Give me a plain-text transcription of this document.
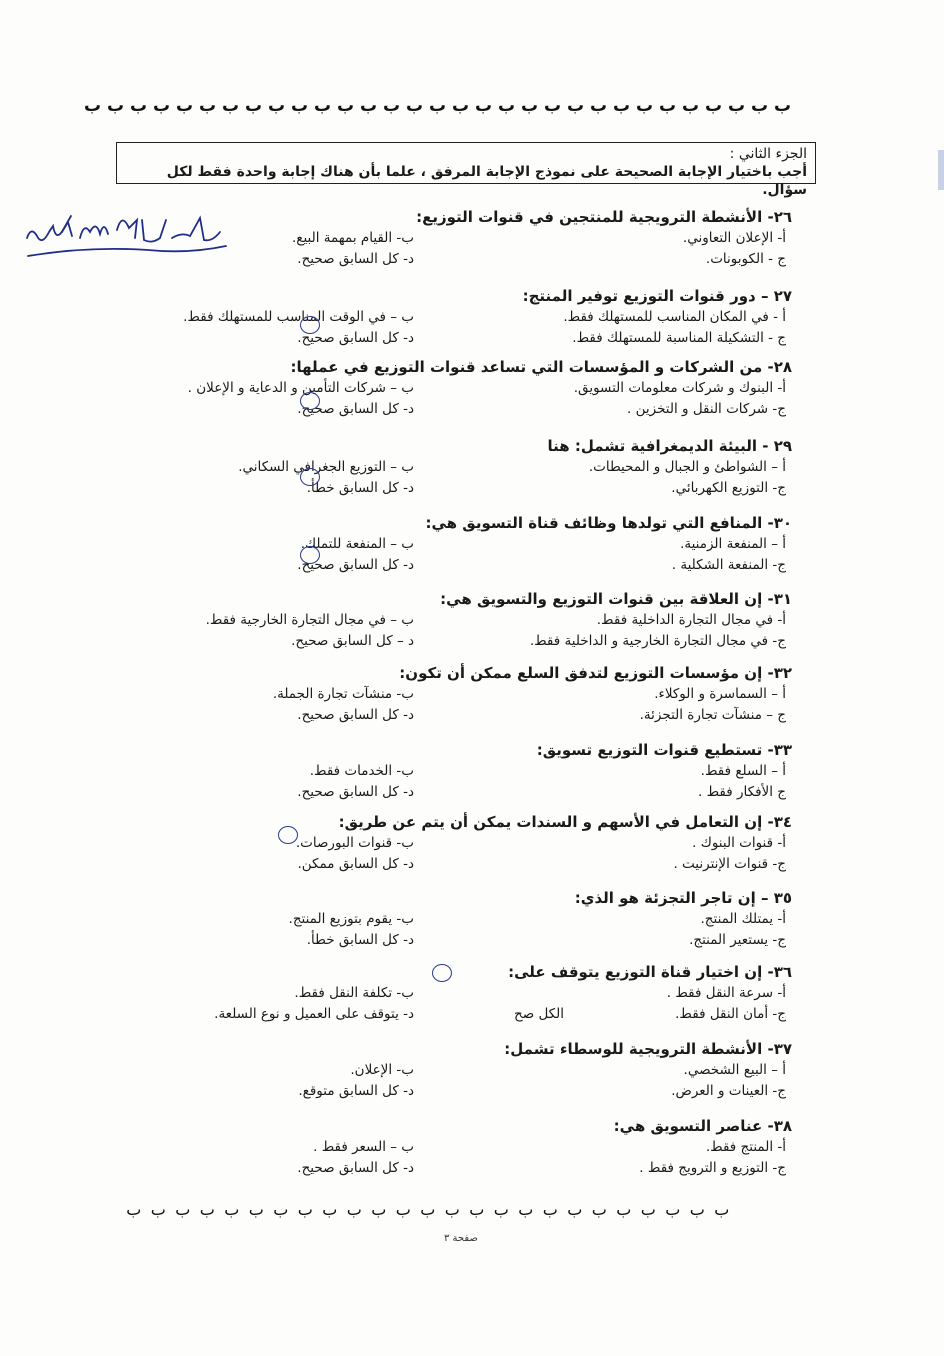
ب
ب
ب
ب
ب
ب
ب
ب
ب
ب
ب
ب
ب
ب
ب
ب
ب
ب
ب
ب
ب
ب
ب
ب
ب
ب
ب
ب
ب
ب
ب
الجزء الثاني :
أجب باختيار الإجابة الصحيحة على نموذج الإجابة المرفق ، علما بأن هناك إجابة واحدة فقط لكل سؤال.
٢٦- الأنشطة الترويجية للمنتجين في قنوات التوزيع:
أ- الإعلان التعاوني.
ب- القيام بمهمة البيع.
ج - الكوبونات.
د- كل السابق صحيح.
٢٧ – دور قنوات التوزيع توفير المنتج:
أ - في المكان المناسب للمستهلك فقط.
ب – في الوقت المناسب للمستهلك فقط.
ج - التشكيلة المناسبة للمستهلك فقط.
د- كل السابق صحيح.
٢٨- من الشركات و المؤسسات التي تساعد قنوات التوزيع في عملها:
أ- البنوك و شركات معلومات التسويق.
ب – شركات التأمين و الدعاية و الإعلان .
ج- شركات النقل و التخزين .
د- كل السابق صحيح.
٢٩ - البيئة الديمغرافية تشمل: هنا
أ – الشواطئ و الجبال و المحيطات.
ب – التوزيع الجغرافي السكاني.
ج- التوزيع الكهربائي.
د- كل السابق خطأ.
٣٠- المنافع التي تولدها وظائف قناة التسويق هي:
أ – المنفعة الزمنية.
ب – المنفعة للتملك.
ج- المنفعة الشكلية .
د- كل السابق صحيح.
٣١- إن العلاقة بين قنوات التوزيع والتسويق هي:
أ- في مجال التجارة الداخلية فقط.
ب – في مجال التجارة الخارجية فقط.
ج- في مجال التجارة الخارجية و الداخلية فقط.
د – كل السابق صحيح.
٣٢- إن مؤسسات التوزيع لتدفق السلع ممكن أن تكون:
أ – السماسرة و الوكلاء.
ب- منشآت تجارة الجملة.
ج – منشآت تجارة التجزئة.
د- كل السابق صحيح.
٣٣- تستطيع قنوات التوزيع تسويق:
أ – السلع فقط.
ب- الخدمات فقط.
ج الأفكار فقط .
د- كل السابق صحيح.
٣٤- إن التعامل في الأسهم و السندات يمكن أن يتم عن طريق:
أ- قنوات البنوك .
ب- قنوات البورصات.
ج- قنوات الإنترنيت .
د- كل السابق ممكن.
٣٥ – إن تاجر التجزئة هو الذي:
أ- يمتلك المنتج.
ب- يقوم بتوزيع المنتج.
ج- يستعير المنتج.
د- كل السابق خطأ.
٣٦- إن اختيار قناة التوزيع يتوقف على:
أ- سرعة النقل فقط .
ب- تكلفة النقل فقط.
ج- أمان النقل فقط.
د- يتوقف على العميل و نوع السلعة.	الكل صح
٣٧- الأنشطة الترويجية للوسطاء تشمل:
أ – البيع الشخصي.
ب- الإعلان.
ج- العينات و العرض.
د- كل السابق متوقع.
٣٨- عناصر التسويق هي:
أ- المنتج فقط.
ب – السعر فقط .
ج- التوزيع و الترويج فقط .
د- كل السابق صحيح.
ب
ب
ب
ب
ب
ب
ب
ب
ب
ب
ب
ب
ب
ب
ب
ب
ب
ب
ب
ب
ب
ب
ب
ب
ب
صفحة ٣
